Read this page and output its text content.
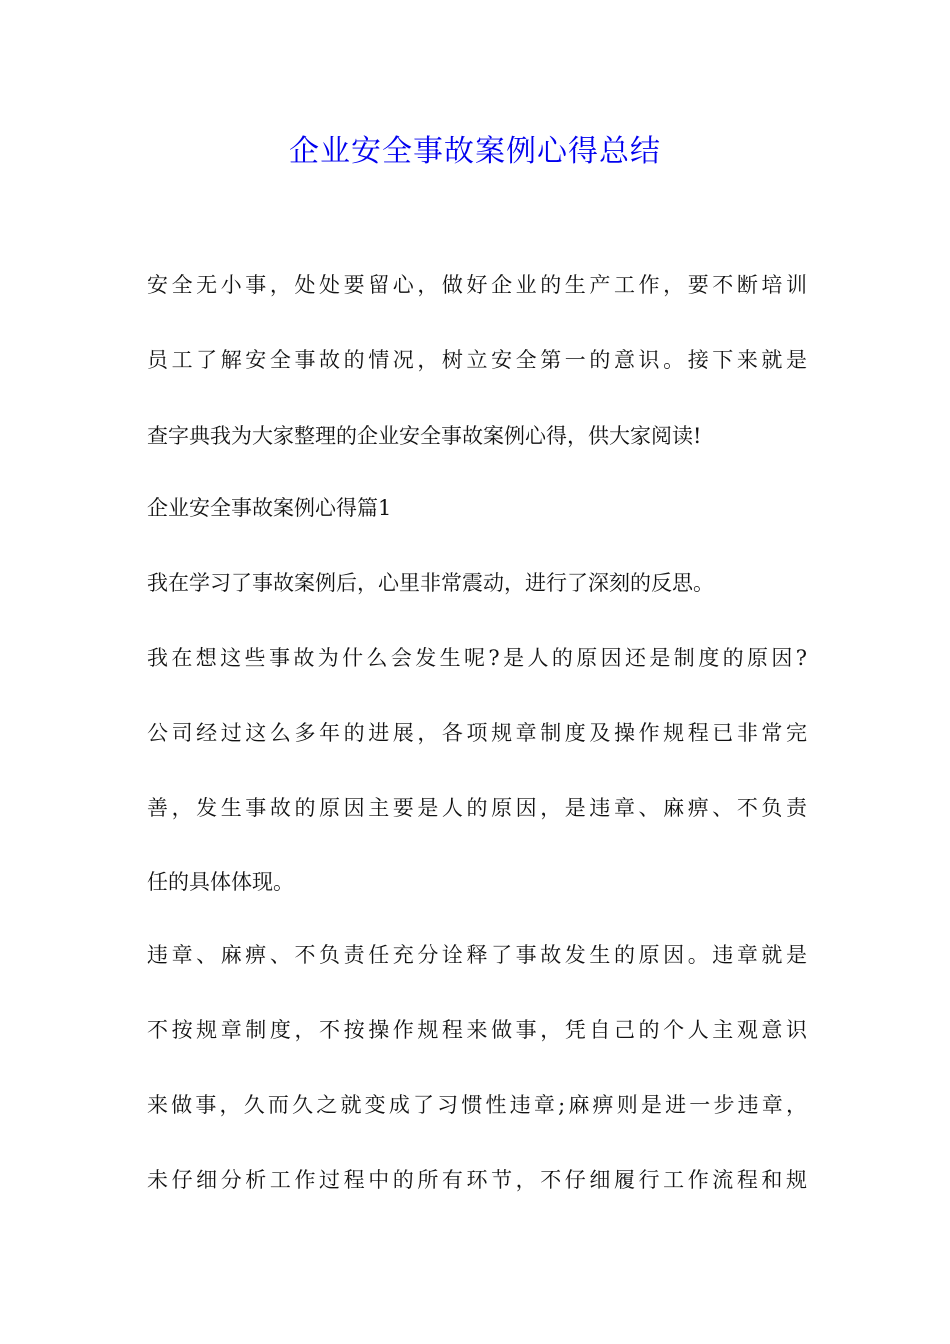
企业安全事故案例心得总结

安全无小事，处处要留心，做好企业的生产工作，要不断培训

员工了解安全事故的情况，树立安全第一的意识。接下来就是

查字典我为大家整理的企业安全事故案例心得，供大家阅读!

企业安全事故案例心得篇1

我在学习了事故案例后，心里非常震动，进行了深刻的反思。

我在想这些事故为什么会发生呢?是人的原因还是制度的原因?

公司经过这么多年的进展，各项规章制度及操作规程已非常完

善，发生事故的原因主要是人的原因，是违章、麻痹、不负责

任的具体体现。

违章、麻痹、不负责任充分诠释了事故发生的原因。违章就是

不按规章制度，不按操作规程来做事，凭自己的个人主观意识

来做事，久而久之就变成了习惯性违章;麻痹则是进一步违章，

未仔细分析工作过程中的所有环节，不仔细履行工作流程和规
